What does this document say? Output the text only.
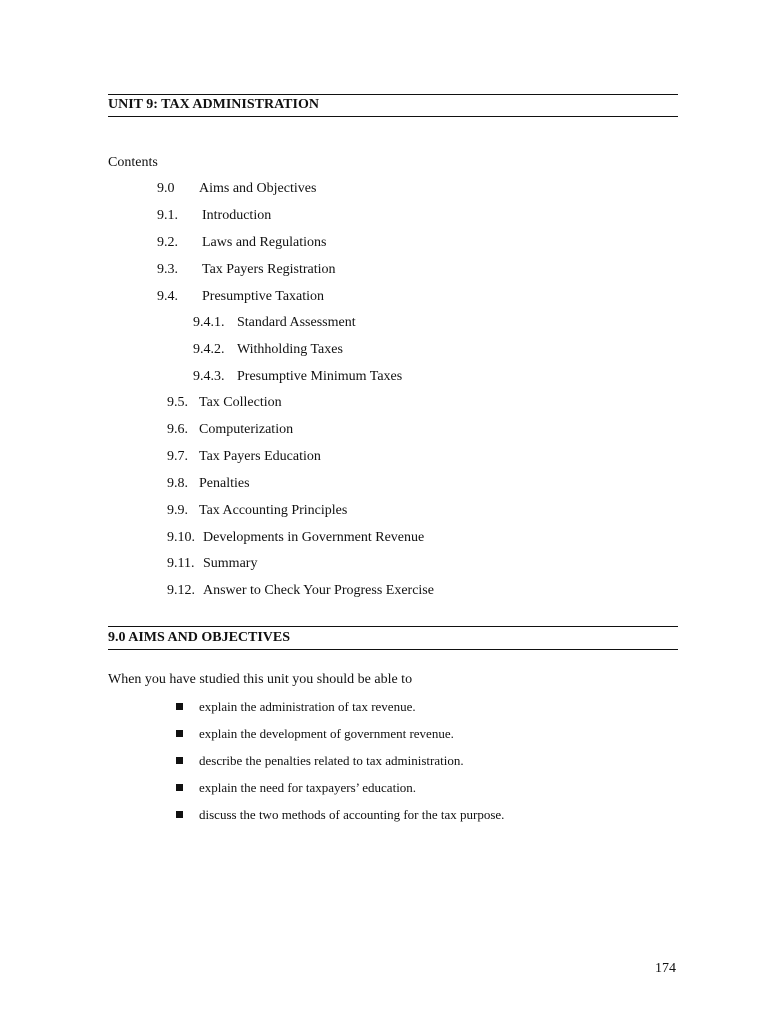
UNIT 9: TAX ADMINISTRATION
Contents
9.0 Aims and Objectives
9.1. Introduction
9.2. Laws and Regulations
9.3. Tax Payers Registration
9.4. Presumptive Taxation
9.4.1. Standard Assessment
9.4.2. Withholding Taxes
9.4.3. Presumptive Minimum Taxes
9.5. Tax Collection
9.6. Computerization
9.7. Tax Payers Education
9.8. Penalties
9.9. Tax Accounting Principles
9.10. Developments in Government Revenue
9.11. Summary
9.12. Answer to Check Your Progress Exercise
9.0 AIMS AND OBJECTIVES
When you have studied this unit you should be able to
explain the administration of tax revenue.
explain the development of government revenue.
describe the penalties related to tax administration.
explain the need for taxpayers’ education.
discuss the two methods of accounting for the tax purpose.
174
